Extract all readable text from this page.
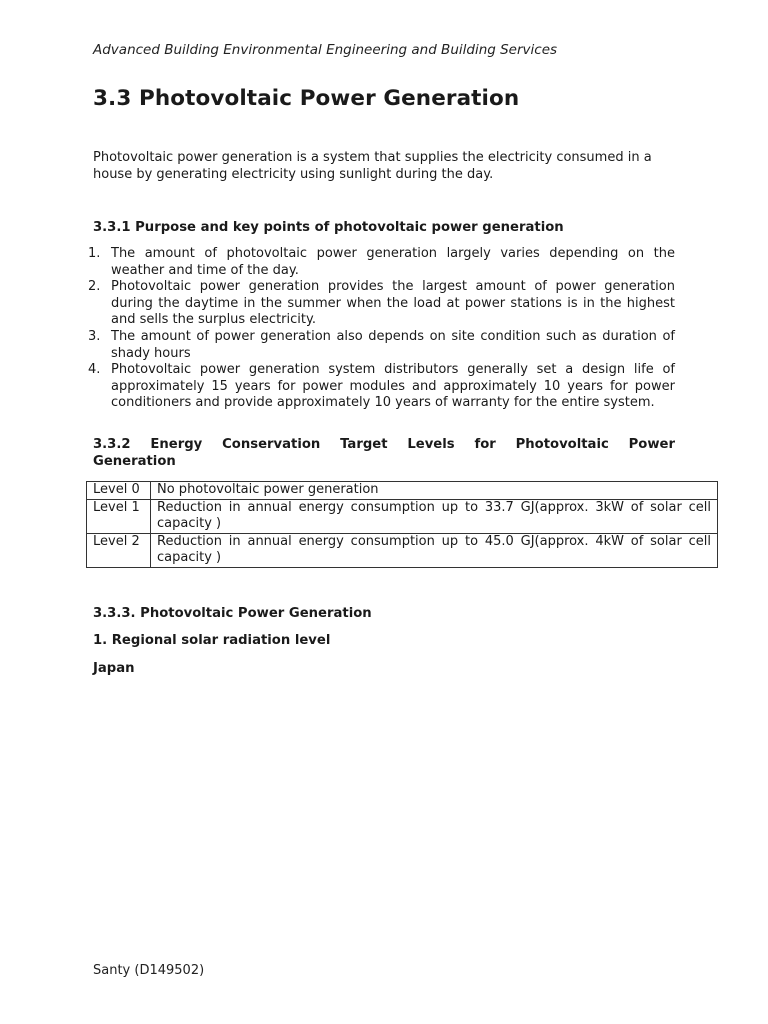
Advanced Building Environmental Engineering and Building Services
3.3 Photovoltaic Power Generation
Photovoltaic power generation is a system that supplies the electricity consumed in a house by generating electricity using sunlight during the day.
3.3.1 Purpose and key points of photovoltaic power generation
1. The amount of photovoltaic power generation largely varies depending on the weather and time of the day.
2. Photovoltaic power generation provides the largest amount of power generation during the daytime in the summer when the load at power stations is in the highest and sells the surplus electricity.
3. The amount of power generation also depends on site condition such as duration of shady hours
4. Photovoltaic power generation system distributors generally set a design life of approximately 15 years for power modules and approximately 10 years for power conditioners and provide approximately 10 years of warranty for the entire system.
3.3.2 Energy Conservation Target Levels for Photovoltaic Power Generation
Level 0	No photovoltaic power generation
Level 1	Reduction in annual energy consumption up to 33.7 GJ(approx. 3kW of solar cell capacity )
Level 2	Reduction in annual energy consumption up to 45.0 GJ(approx. 4kW of solar cell capacity )
3.3.3. Photovoltaic Power Generation
1. Regional solar radiation level
Japan
Santy (D149502)
